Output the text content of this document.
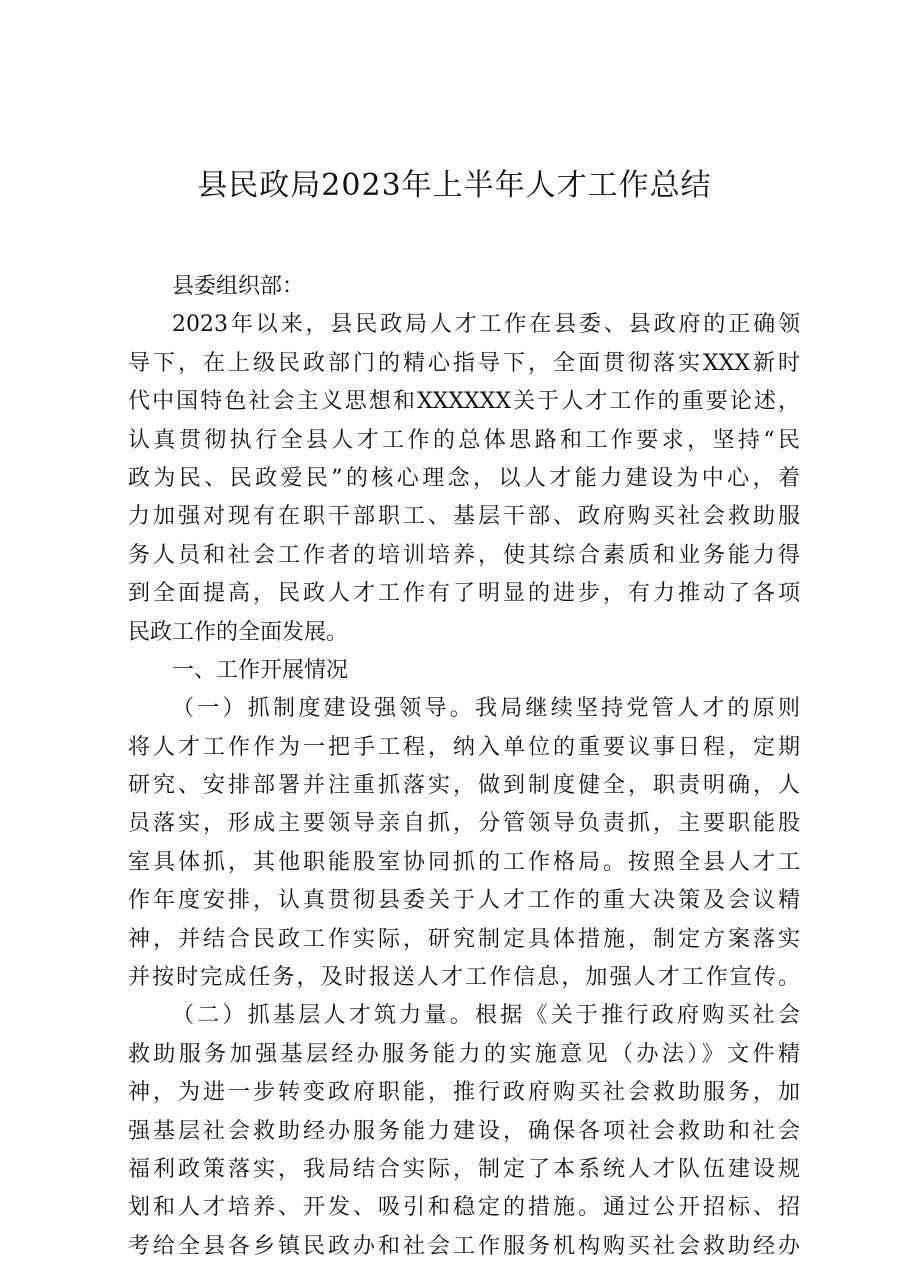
县民政局2023年上半年人才工作总结
县委组织部：
2023年以来，县民政局人才工作在县委、县政府的正确领
导下，在上级民政部门的精心指导下，全面贯彻落实XXX新时
代中国特色社会主义思想和XXXXXX关于人才工作的重要论述，
认真贯彻执行全县人才工作的总体思路和工作要求，坚持“民
政为民、民政爱民”的核心理念，以人才能力建设为中心，着
力加强对现有在职干部职工、基层干部、政府购买社会救助服
务人员和社会工作者的培训培养，使其综合素质和业务能力得
到全面提高，民政人才工作有了明显的进步，有力推动了各项
民政工作的全面发展。
一、工作开展情况
（一）抓制度建设强领导。我局继续坚持党管人才的原则
将人才工作作为一把手工程，纳入单位的重要议事日程，定期
研究、安排部署并注重抓落实，做到制度健全，职责明确，人
员落实，形成主要领导亲自抓，分管领导负责抓，主要职能股
室具体抓，其他职能股室协同抓的工作格局。按照全县人才工
作年度安排，认真贯彻县委关于人才工作的重大决策及会议精
神，并结合民政工作实际，研究制定具体措施，制定方案落实
并按时完成任务，及时报送人才工作信息，加强人才工作宣传。
（二）抓基层人才筑力量。根据《关于推行政府购买社会
救助服务加强基层经办服务能力的实施意见（办法）》文件精
神，为进一步转变政府职能，推行政府购买社会救助服务，加
强基层社会救助经办服务能力建设，确保各项社会救助和社会
福利政策落实，我局结合实际，制定了本系统人才队伍建设规
划和人才培养、开发、吸引和稳定的措施。通过公开招标、招
考给全县各乡镇民政办和社会工作服务机构购买社会救助经办
